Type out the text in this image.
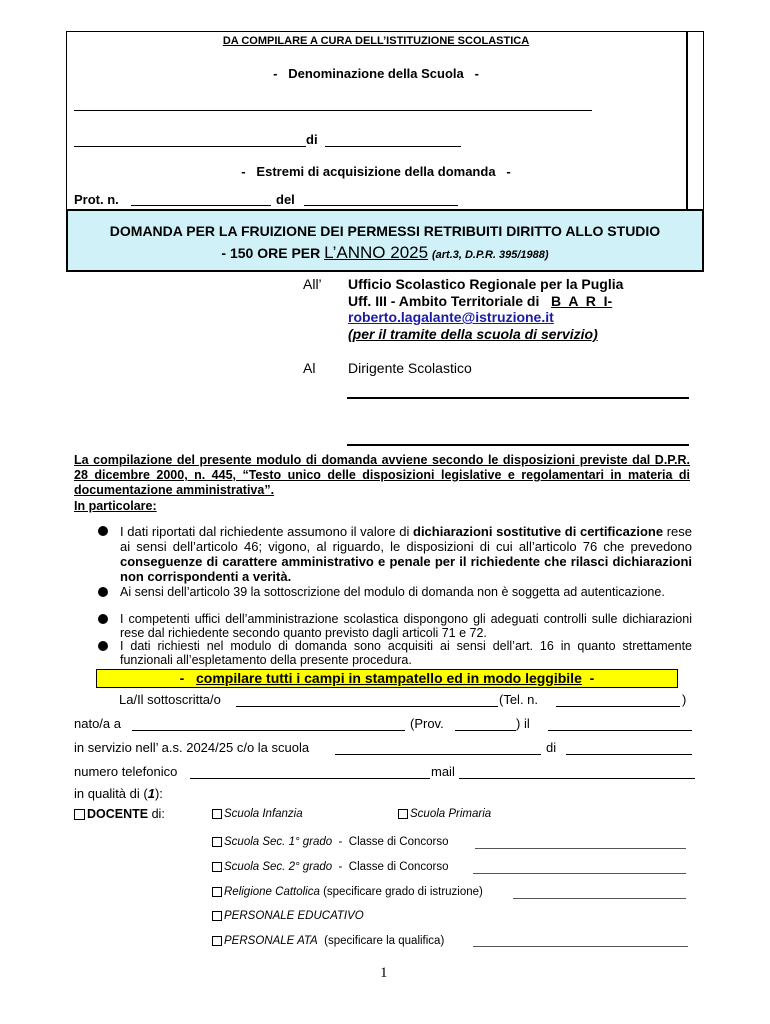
DA COMPILARE A CURA DELL’ISTITUZIONE SCOLASTICA
-   Denominazione della Scuola   -
di
-   Estremi di acquisizione della domanda   -
Prot. n.	del
DOMANDA PER LA FRUIZIONE DEI PERMESSI RETRIBUITI DIRITTO ALLO STUDIO
- 150 ORE PER L’ANNO 2025 (art.3, D.P.R. 395/1988)
All’ Ufficio Scolastico Regionale per la Puglia
Uff. III - Ambito Territoriale di B  A  R  I-
roberto.lagalante@istruzione.it
(per il tramite della scuola di servizio)
Al Dirigente Scolastico
La compilazione del presente modulo di domanda avviene secondo le disposizioni previste dal D.P.R. 28 dicembre 2000, n. 445, “Testo unico delle disposizioni legislative e regolamentari in materia di documentazione amministrativa”.
In particolare:
I dati riportati dal richiedente assumono il valore di dichiarazioni sostitutive di certificazione rese ai sensi dell’articolo 46; vigono, al riguardo, le disposizioni di cui all’articolo 76 che prevedono conseguenze di carattere amministrativo e penale per il richiedente che rilasci dichiarazioni non corrispondenti a verità.
Ai sensi dell’articolo 39 la sottoscrizione del modulo di domanda non è soggetta ad autenticazione.
I competenti uffici dell’amministrazione scolastica dispongono gli adeguati controlli sulle dichiarazioni rese dal richiedente secondo quanto previsto dagli articoli 71 e 72.
I dati richiesti nel modulo di domanda sono acquisiti ai sensi dell’art. 16 in quanto strettamente funzionali all’espletamento della presente procedura.
- compilare tutti i campi in stampatello ed in modo leggibile -
La/Il sottoscritta/o	(Tel. n.	)
nato/a a	(Prov.	) il
in servizio nell’ a.s. 2024/25 c/o la scuola	di
numero telefonico	mail
in qualità di (1):
DOCENTE di:	Scuola Infanzia	Scuola Primaria
Scuola Sec. 1° grado  -  Classe di Concorso
Scuola Sec. 2° grado  -  Classe di Concorso
Religione Cattolica (specificare grado di istruzione)
PERSONALE EDUCATIVO
PERSONALE ATA  (specificare la qualifica)
1
